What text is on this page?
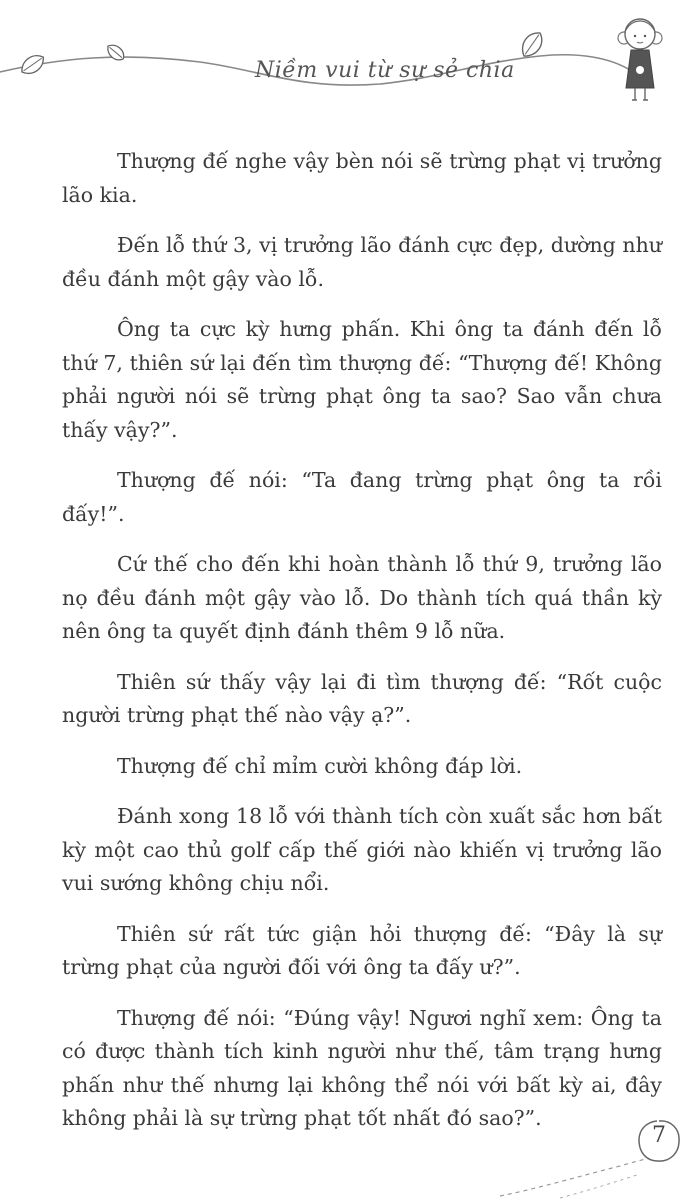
Niềm vui từ sự sẻ chia

Thượng đế nghe vậy bèn nói sẽ trừng phạt vị trưởng lão kia.

Đến lỗ thứ 3, vị trưởng lão đánh cực đẹp, dường như đều đánh một gậy vào lỗ.

Ông ta cực kỳ hưng phấn. Khi ông ta đánh đến lỗ thứ 7, thiên sứ lại đến tìm thượng đế: “Thượng đế! Không phải người nói sẽ trừng phạt ông ta sao? Sao vẫn chưa thấy vậy?”.

Thượng đế nói: “Ta đang trừng phạt ông ta rồi đấy!”.

Cứ thế cho đến khi hoàn thành lỗ thứ 9, trưởng lão nọ đều đánh một gậy vào lỗ. Do thành tích quá thần kỳ nên ông ta quyết định đánh thêm 9 lỗ nữa.

Thiên sứ thấy vậy lại đi tìm thượng đế: “Rốt cuộc người trừng phạt thế nào vậy ạ?”.

Thượng đế chỉ mỉm cười không đáp lời.

Đánh xong 18 lỗ với thành tích còn xuất sắc hơn bất kỳ một cao thủ golf cấp thế giới nào khiến vị trưởng lão vui sướng không chịu nổi.

Thiên sứ rất tức giận hỏi thượng đế: “Đây là sự trừng phạt của người đối với ông ta đấy ư?”.

Thượng đế nói: “Đúng vậy! Ngươi nghĩ xem: Ông ta có được thành tích kinh người như thế, tâm trạng hưng phấn như thế nhưng lại không thể nói với bất kỳ ai, đây không phải là sự trừng phạt tốt nhất đó sao?”.

7
